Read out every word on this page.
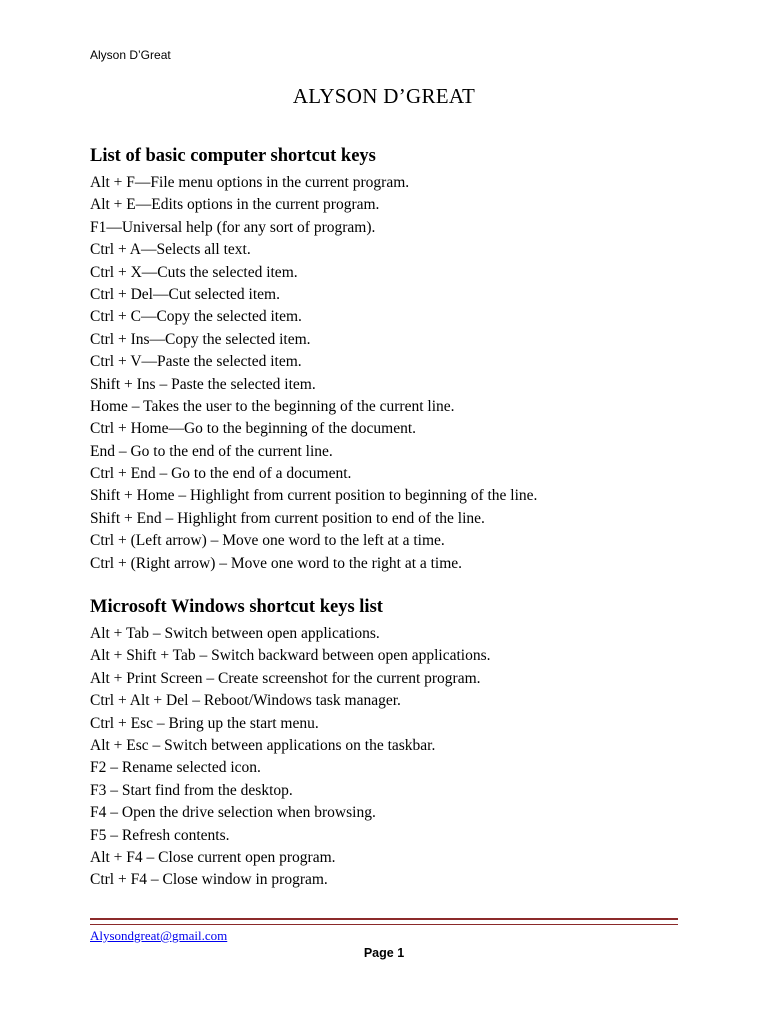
Alyson D’Great
ALYSON D’GREAT
List of basic computer shortcut keys
Alt + F—File menu options in the current program.
Alt + E—Edits options in the current program.
F1—Universal help (for any sort of program).
Ctrl + A—Selects all text.
Ctrl + X—Cuts the selected item.
Ctrl + Del—Cut selected item.
Ctrl + C—Copy the selected item.
Ctrl + Ins—Copy the selected item.
Ctrl + V—Paste the selected item.
Shift + Ins – Paste the selected item.
Home – Takes the user to the beginning of the current line.
Ctrl + Home—Go to the beginning of the document.
End – Go to the end of the current line.
Ctrl + End – Go to the end of a document.
Shift + Home – Highlight from current position to beginning of the line.
Shift + End – Highlight from current position to end of the line.
Ctrl + (Left arrow) – Move one word to the left at a time.
Ctrl + (Right arrow) – Move one word to the right at a time.
Microsoft Windows shortcut keys list
Alt + Tab – Switch between open applications.
Alt + Shift + Tab – Switch backward between open applications.
Alt + Print Screen – Create screenshot for the current program.
Ctrl + Alt + Del – Reboot/Windows task manager.
Ctrl + Esc – Bring up the start menu.
Alt + Esc – Switch between applications on the taskbar.
F2 – Rename selected icon.
F3 – Start find from the desktop.
F4 – Open the drive selection when browsing.
F5 – Refresh contents.
Alt + F4 – Close current open program.
Ctrl + F4 – Close window in program.
Alysondgreat@gmail.com
Page 1
